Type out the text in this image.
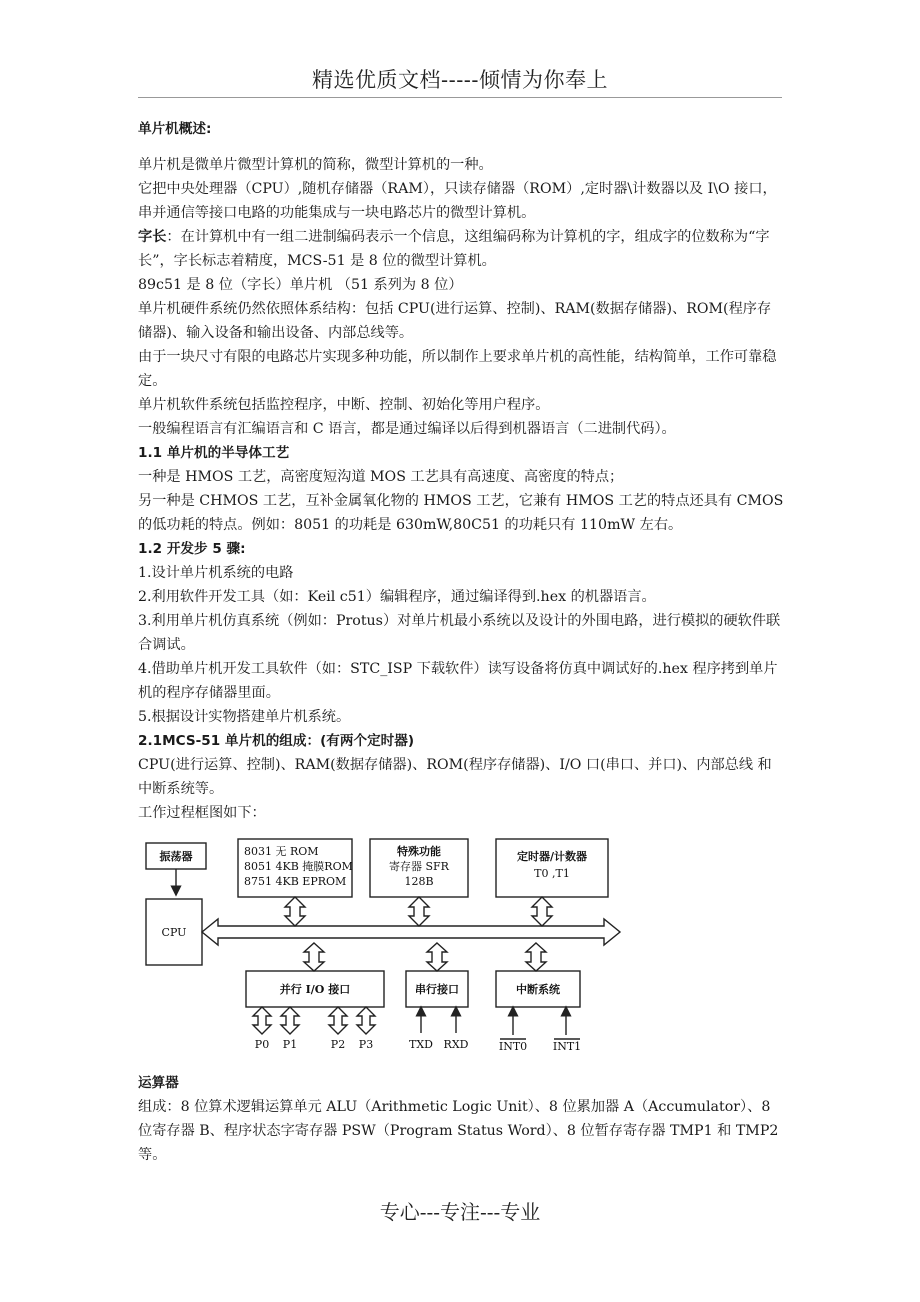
精选优质文档-----倾情为你奉上

单片机概述:

单片机是微单片微型计算机的简称，微型计算机的一种。

它把中央处理器（CPU）,随机存储器（RAM），只读存储器（ROM）,定时器\计数器以及 I\O 接口，串并通信等接口电路的功能集成与一块电路芯片的微型计算机。

字长：在计算机中有一组二进制编码表示一个信息，这组编码称为计算机的字，组成字的位数称为“字长”，字长标志着精度，MCS-51 是 8 位的微型计算机。

89c51 是 8 位（字长）单片机 （51 系列为 8 位）

单片机硬件系统仍然依照体系结构：包括 CPU(进行运算、控制)、RAM(数据存储器)、ROM(程序存储器)、输入设备和输出设备、内部总线等。

由于一块尺寸有限的电路芯片实现多种功能，所以制作上要求单片机的高性能，结构简单，工作可靠稳定。

单片机软件系统包括监控程序，中断、控制、初始化等用户程序。

一般编程语言有汇编语言和 C 语言，都是通过编译以后得到机器语言（二进制代码）。

1.1 单片机的半导体工艺

一种是 HMOS 工艺，高密度短沟道 MOS 工艺具有高速度、高密度的特点；

另一种是 CHMOS 工艺，互补金属氧化物的 HMOS 工艺，它兼有 HMOS 工艺的特点还具有 CMOS 的低功耗的特点。例如：8051 的功耗是 630mW,80C51 的功耗只有 110mW 左右。

1.2 开发步 5 骤:

1.设计单片机系统的电路

2.利用软件开发工具（如：Keil c51）编辑程序，通过编译得到.hex 的机器语言。

3.利用单片机仿真系统（例如：Protus）对单片机最小系统以及设计的外围电路，进行模拟的硬软件联合调试。

4.借助单片机开发工具软件（如：STC_ISP 下载软件）读写设备将仿真中调试好的.hex 程序拷到单片机的程序存储器里面。

5.根据设计实物搭建单片机系统。

2.1MCS-51 单片机的组成：(有两个定时器)

CPU(进行运算、控制)、RAM(数据存储器)、ROM(程序存储器)、I/O 口(串口、并口)、内部总线 和中断系统等。

工作过程框图如下：

振荡器
CPU
8031 无 ROM
8051 4KB 掩膜ROM
8751 4KB EPROM
特殊功能
寄存器 SFR
128B
定时器/计数器
T0 ,T1
并行 I/O 接口	串行接口	中断系统
P0 P1	P2 P3	TXD RXD	INT0 INT1

运算器

组成：8 位算术逻辑运算单元 ALU（Arithmetic Logic Unit）、8 位累加器 A（Accumulator）、8 位寄存器 B、程序状态字寄存器 PSW（Program Status Word）、8 位暂存寄存器 TMP1 和 TMP2 等。

专心---专注---专业
